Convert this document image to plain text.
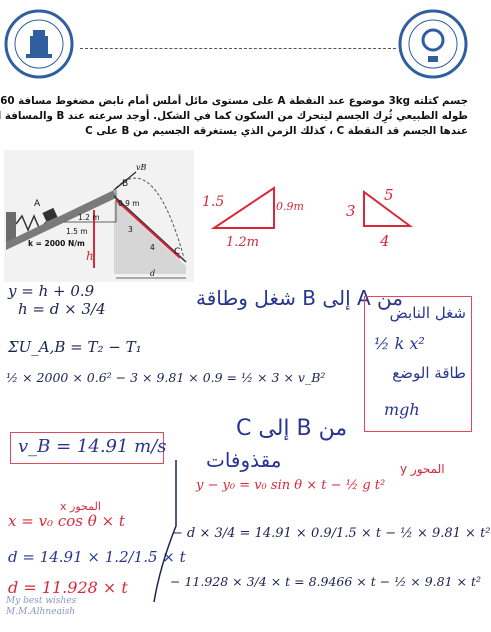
جسم كتلته 3kg موضوع عند النقطة A على مستوى مائل أملس أمام نابض مضغوط مسافة 60
طوله الطبيعي ثُرِك الجسم ليتحرك من السكون كما في الشكل. أوجد سرعته عند B والمسافة
عندها الجسم قد النقطة C ، كذلك الزمن الذي يستغرقه الجسيم من B على C
B
A
C
0.9 m
1.2 m
1.5 m
k = 2000 N/m
3
4
d
h
vB
1.5	0.9m
1.2m
5
3
4
y = h + 0.9
h = d × 3/4	من A إلى B شغل وطاقة
ΣU_A,B = T₂ − T₁
½ × 2000 × 0.6² − 3 × 9.81 × 0.9 = ½ × 3 × v_B²
v_B = 14.91 m/s
شغل النابض
½ k x²
طاقة الوضع
mgh
من B إلى C
مقذوفات	المحور y
y − y₀ = v₀ sin θ × t − ½ g t²
المحور x
x = v₀ cos θ × t
d = 14.91 × 1.2/1.5 × t
d = 11.928 × t
− d × 3/4 = 14.91 × 0.9/1.5 × t − ½ × 9.81 × t²
− 11.928 × 3/4 × t = 8.9466 × t − ½ × 9.81 × t²
My best wishes
M.M.Alhneaish
